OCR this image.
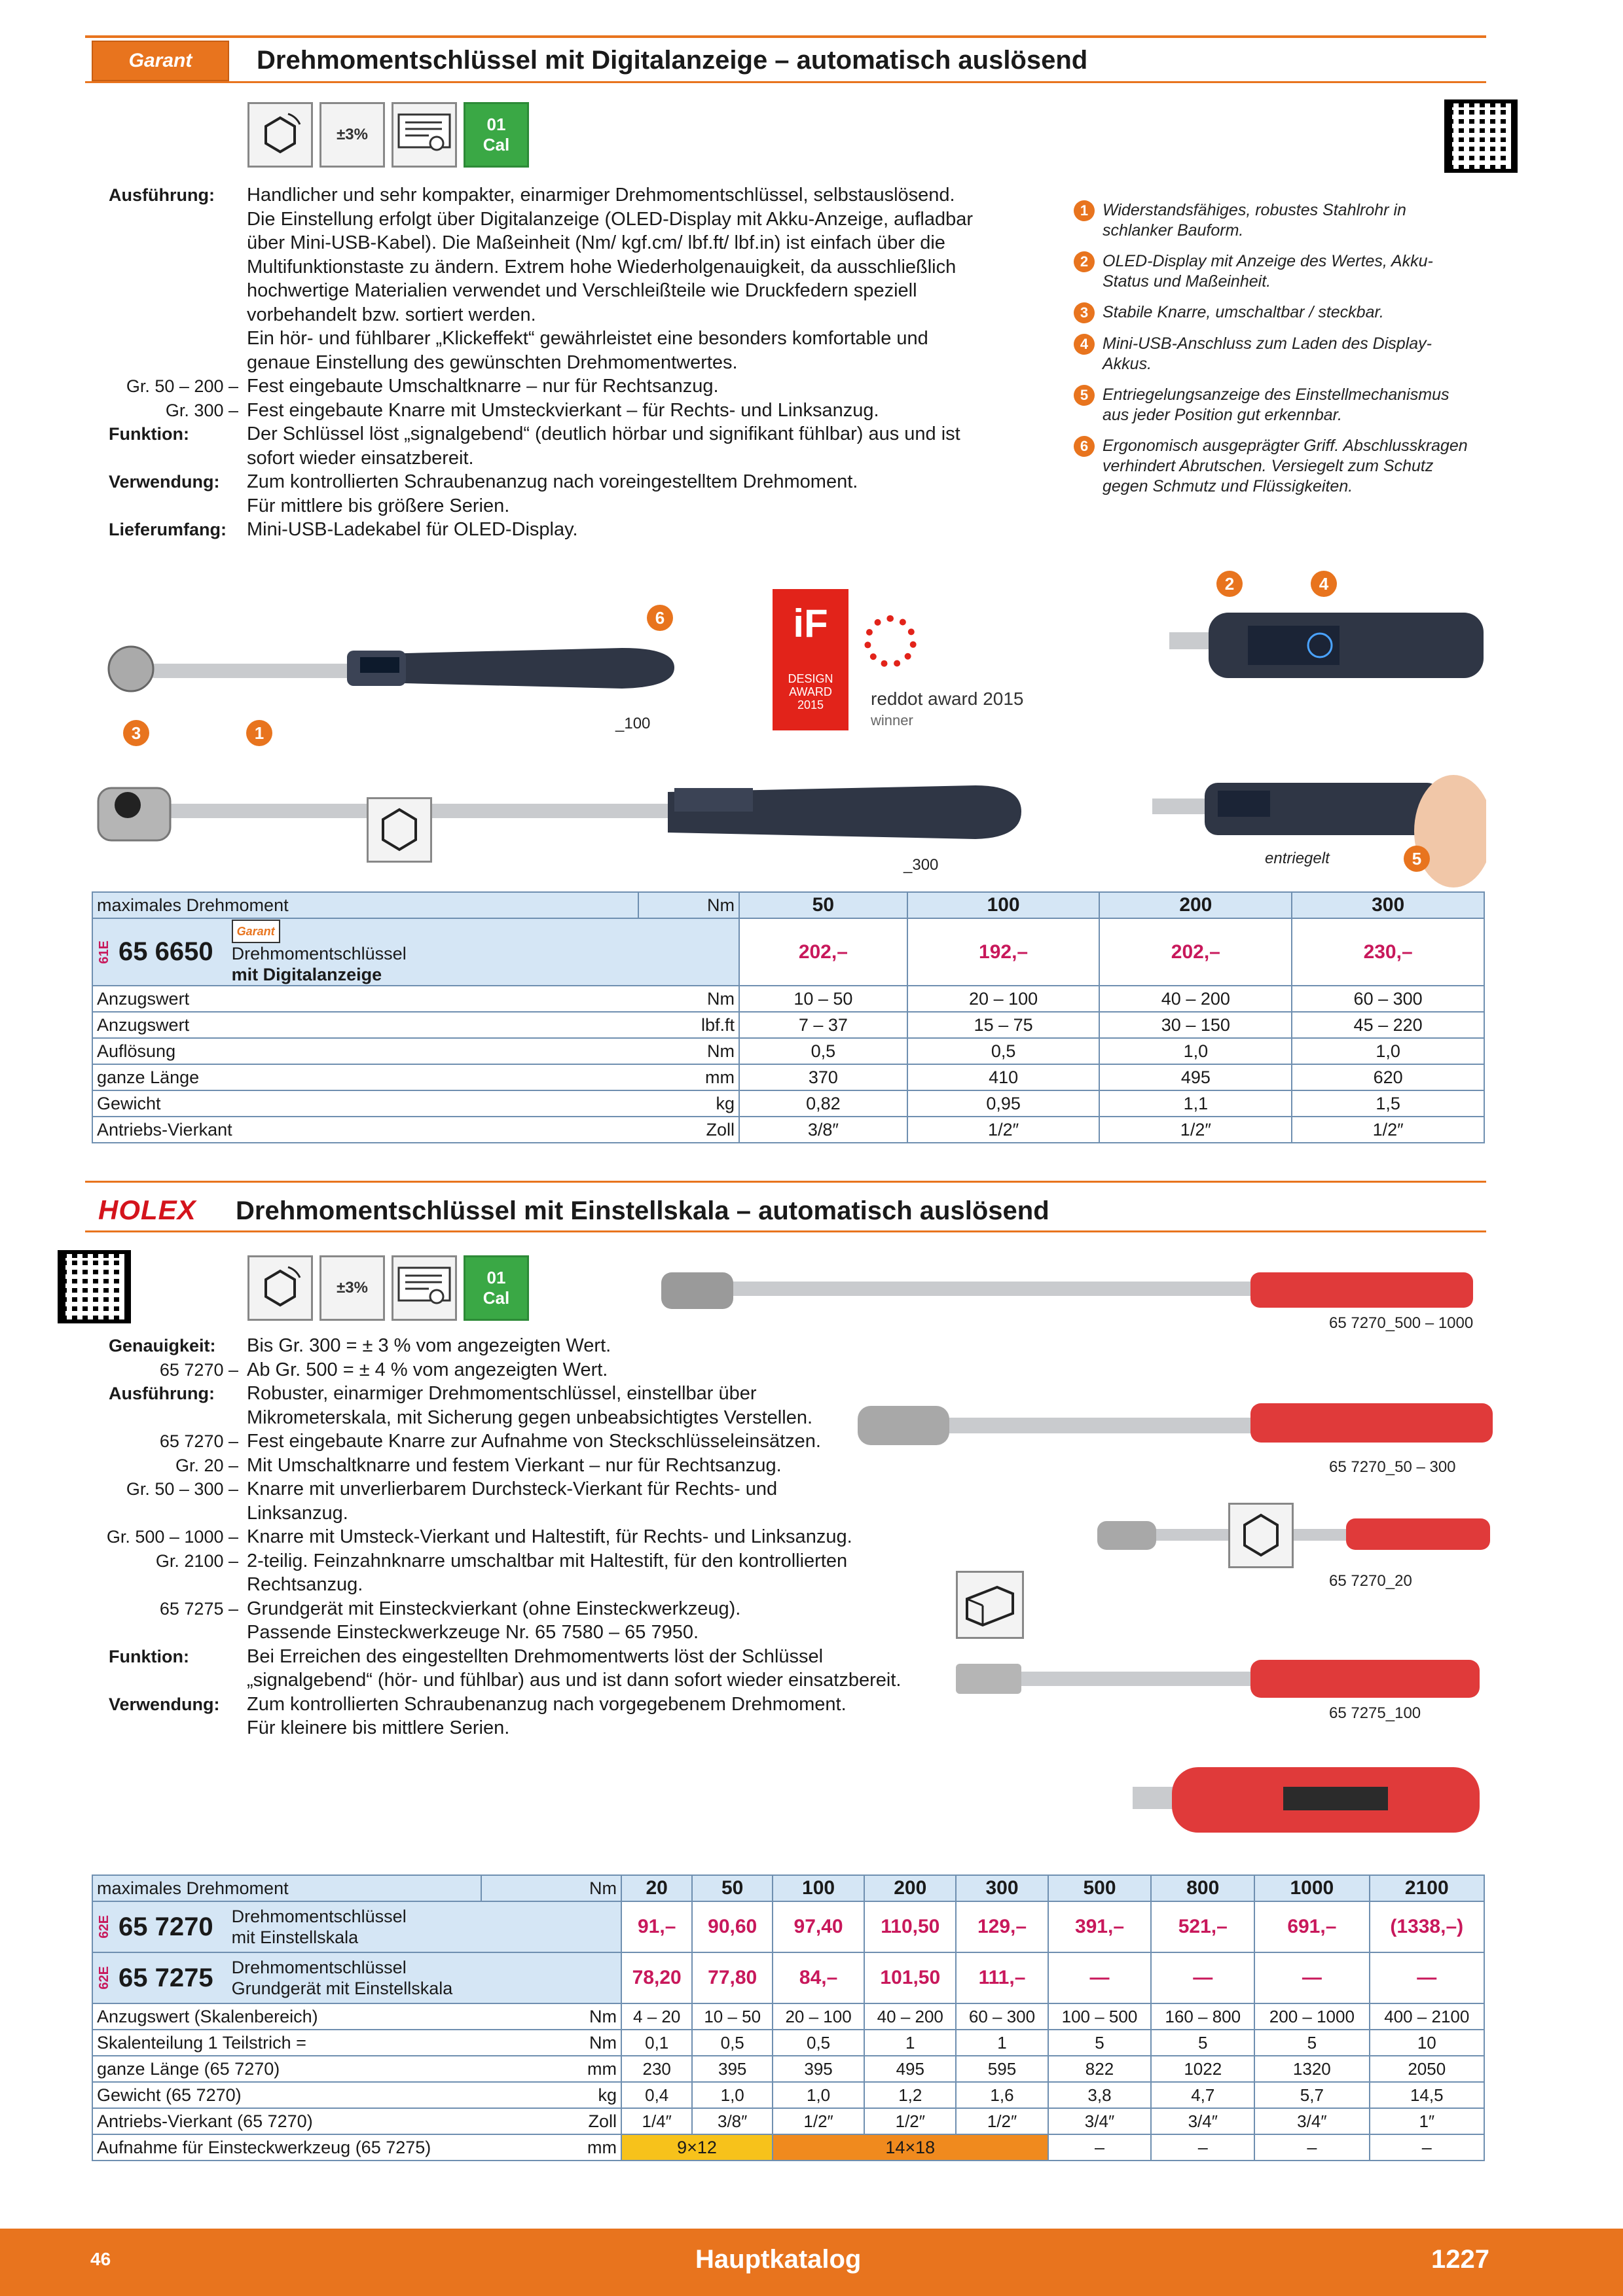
Garant Drehmomentschlüssel mit Digitalanzeige – automatisch auslösend
±3%
01
Cal
Ausführung:	Handlicher und sehr kompakter, einarmiger Drehmomentschlüssel, selbstauslösend.
Die Einstellung erfolgt über Digitalanzeige (OLED-Display mit Akku-Anzeige, aufladbar
über Mini-USB-Kabel). Die Maßeinheit (Nm/ kgf.cm/ lbf.ft/ lbf.in) ist einfach über die
Multifunktionstaste zu ändern. Extrem hohe Wiederholgenauigkeit, da ausschließlich
hochwertige Materialien verwendet und Verschleißteile wie Druckfedern speziell
vorbehandelt bzw. sortiert werden.
Ein hör- und fühlbarer „Klickeffekt“ gewährleistet eine besonders komfortable und
genaue Einstellung des gewünschten Drehmomentwertes.
Gr. 50 – 200 – Fest eingebaute Umschaltknarre – nur für Rechtsanzug.
Gr. 300 – Fest eingebaute Knarre mit Umsteckvierkant – für Rechts- und Linksanzug.
Funktion:	Der Schlüssel löst „signalgebend“ (deutlich hörbar und signifikant fühlbar) aus und ist
sofort wieder einsatzbereit.
Verwendung:	Zum kontrollierten Schraubenanzug nach voreingestelltem Drehmoment.
Für mittlere bis größere Serien.
Lieferumfang:	Mini-USB-Ladekabel für OLED-Display.
1 Widerstandsfähiges, robustes Stahlrohr in schlanker Bauform.
2 OLED-Display mit Anzeige des Wertes, Akku-Status und Maßeinheit.
3 Stabile Knarre, umschaltbar / steckbar.
4 Mini-USB-Anschluss zum Laden des Display-Akkus.
5 Entriegelungsanzeige des Einstellmechanismus aus jeder Position gut erkennbar.
6 Ergonomisch ausgeprägter Griff. Abschlusskragen verhindert Abrutschen. Versiegelt zum Schutz gegen Schmutz und Flüssigkeiten.
3	1
6
_100
iF
DESIGN
AWARD
2015	reddot award 2015
winner
2	4
_300	entriegelt	5
maximales Drehmoment	Nm	50	100	200	300
61E 65 6650Garant
Drehmomentschlüssel
mit Digitalanzeige		202,–	192,–	202,–	230,–
Anzugswert	Nm	10 – 50	20 – 100	40 – 200	60 – 300
Anzugswert	lbf.ft	7 – 37	15 – 75	30 – 150	45 – 220
Auflösung	Nm	0,5	0,5	1,0	1,0
ganze Länge	mm	370	410	495	620
Gewicht	kg	0,82	0,95	1,1	1,5
Antriebs-Vierkant	Zoll	3/8″	1/2″	1/2″	1/2″
HOLEX Drehmomentschlüssel mit Einstellskala – automatisch auslösend
±3%
01
Cal
Genauigkeit:	Bis Gr. 300 = ± 3 % vom angezeigten Wert.
65 7270 – Ab Gr. 500 = ± 4 % vom angezeigten Wert.
Ausführung:	Robuster, einarmiger Drehmomentschlüssel, einstellbar über
Mikrometerskala, mit Sicherung gegen unbeabsichtigtes Verstellen.
65 7270 – Fest eingebaute Knarre zur Aufnahme von Steckschlüsseleinsätzen.
Gr. 20 – Mit Umschaltknarre und festem Vierkant – nur für Rechtsanzug.
Gr. 50 – 300 – Knarre mit unverlierbarem Durchsteck-Vierkant für Rechts- und
Linksanzug.
Gr. 500 – 1000 – Knarre mit Umsteck-Vierkant und Haltestift, für Rechts- und Linksanzug.
Gr. 2100 – 2-teilig. Feinzahnknarre umschaltbar mit Haltestift, für den kontrollierten
Rechtsanzug.
65 7275 – Grundgerät mit Einsteckvierkant (ohne Einsteckwerkzeug).
Passende Einsteckwerkzeuge Nr. 65 7580 – 65 7950.
Funktion:	Bei Erreichen des eingestellten Drehmomentwerts löst der Schlüssel
„signalgebend“ (hör- und fühlbar) aus und ist dann sofort wieder einsatzbereit.
Verwendung:	Zum kontrollierten Schraubenanzug nach vorgegebenem Drehmoment.
Für kleinere bis mittlere Serien.
65 7270_500 – 1000
65 7270_50 – 300
65 7270_20
65 7275_100
maximales Drehmoment	Nm	20	50	100	200	300	500	800	1000	2100
62E 65 7270 Drehmomentschlüssel
mit Einstellskala		91,–	90,60	97,40	110,50	129,–	391,–	521,–	691,–	(1338,–)
62E 65 7275 Drehmomentschlüssel
Grundgerät mit Einstellskala		78,20	77,80	84,–	101,50	111,–	—	—	—	—
Anzugswert (Skalenbereich)	Nm	4 – 20	10 – 50	20 – 100	40 – 200	60 – 300	100 – 500	160 – 800	200 – 1000	400 – 2100
Skalenteilung 1 Teilstrich =	Nm	0,1	0,5	0,5	1	1	5	5	5	10
ganze Länge (65 7270)	mm	230	395	395	495	595	822	1022	1320	2050
Gewicht (65 7270)	kg	0,4	1,0	1,0	1,2	1,6	3,8	4,7	5,7	14,5
Antriebs-Vierkant (65 7270)	Zoll	1/4″	3/8″	1/2″	1/2″	1/2″	3/4″	3/4″	3/4″	1″
Aufnahme für Einsteckwerkzeug (65 7275)	mm	9×12		14×18			–	–	–	–
46	Hauptkatalog	1227
